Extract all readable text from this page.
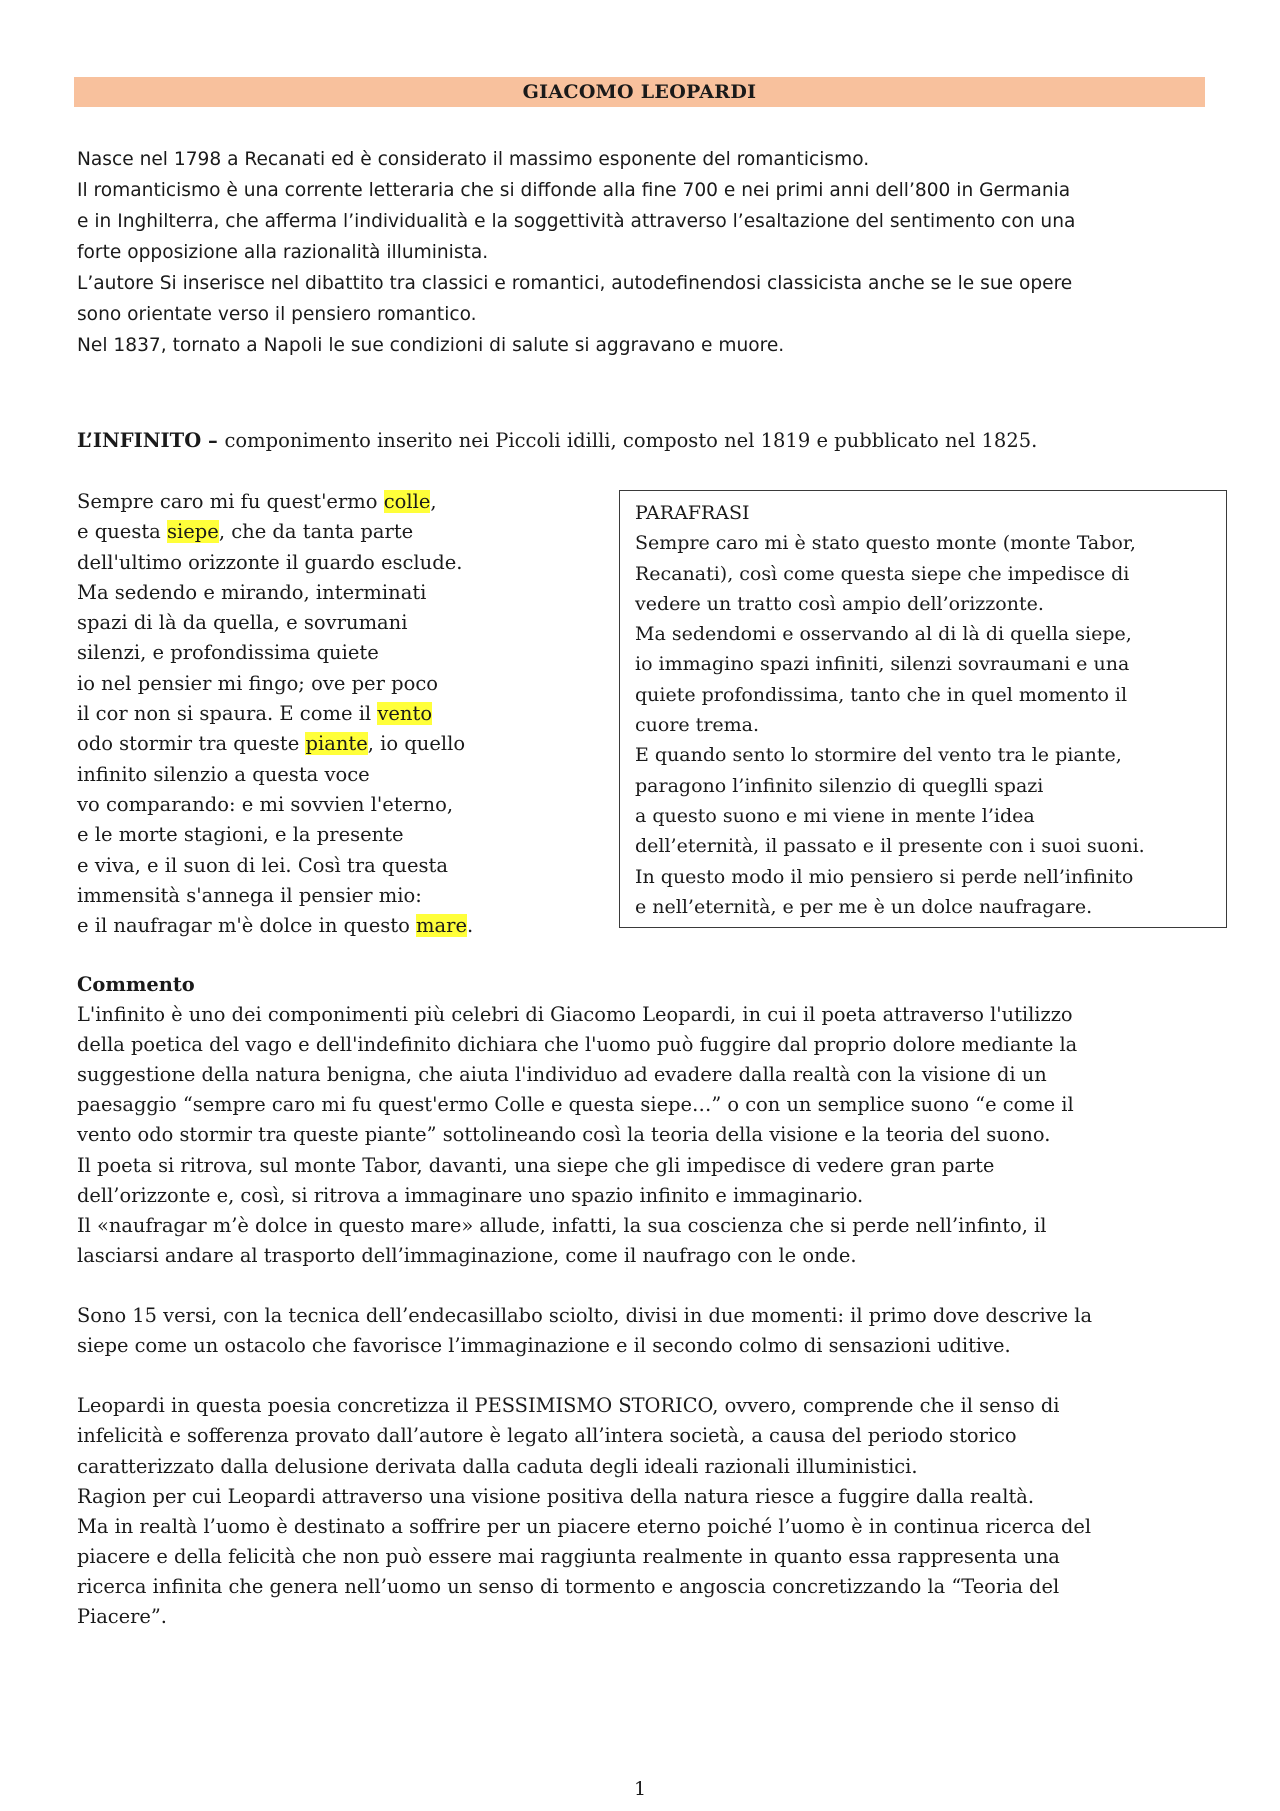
GIACOMO LEOPARDI

Nasce nel 1798 a Recanati ed è considerato il massimo esponente del romanticismo.

Il romanticismo è una corrente letteraria che si diffonde alla fine 700 e nei primi anni dell’800 in Germania

e in Inghilterra, che afferma l’individualità e la soggettività attraverso l’esaltazione del sentimento con una

forte opposizione alla razionalità illuminista.

L’autore Si inserisce nel dibattito tra classici e romantici, autodefinendosi classicista anche se le sue opere

sono orientate verso il pensiero romantico.

Nel 1837, tornato a Napoli le sue condizioni di salute si aggravano e muore.

L’INFINITO – componimento inserito nei Piccoli idilli, composto nel 1819 e pubblicato nel 1825.
Sempre caro mi fu quest'ermo colle,
e questa siepe, che da tanta parte
dell'ultimo orizzonte il guardo esclude.
Ma sedendo e mirando, interminati
spazi di là da quella, e sovrumani
silenzi, e profondissima quiete
io nel pensier mi fingo; ove per poco
il cor non si spaura. E come il vento
odo stormir tra queste piante, io quello
infinito silenzio a questa voce
vo comparando: e mi sovvien l'eterno,
e le morte stagioni, e la presente
e viva, e il suon di lei. Così tra questa
immensità s'annega il pensier mio:
e il naufragar m'è dolce in questo mare.
PARAFRASI
Sempre caro mi è stato questo monte (monte Tabor,
Recanati), così come questa siepe che impedisce di
vedere un tratto così ampio dell’orizzonte.
Ma sedendomi e osservando al di là di quella siepe,
io immagino spazi infiniti, silenzi sovraumani e una
quiete profondissima, tanto che in quel momento il
cuore trema.
E quando sento lo stormire del vento tra le piante,
paragono l’infinito silenzio di queglli spazi
a questo suono e mi viene in mente l’idea
dell’eternità, il passato e il presente con i suoi suoni.
In questo modo il mio pensiero si perde nell’infinito
e nell’eternità, e per me è un dolce naufragare.
Commento
L'infinito è uno dei componimenti più celebri di Giacomo Leopardi, in cui il poeta attraverso l'utilizzo
della poetica del vago e dell'indefinito dichiara che l'uomo può fuggire dal proprio dolore mediante la
suggestione della natura benigna, che aiuta l'individuo ad evadere dalla realtà con la visione di un
paesaggio “sempre caro mi fu quest'ermo Colle e questa siepe…” o con un semplice suono “e come il
vento odo stormir tra queste piante” sottolineando così la teoria della visione e la teoria del suono.
Il poeta si ritrova, sul monte Tabor, davanti, una siepe che gli impedisce di vedere gran parte
dell’orizzonte e, così, si ritrova a immaginare uno spazio infinito e immaginario.
Il «naufragar m’è dolce in questo mare» allude, infatti, la sua coscienza che si perde nell’infinto, il
lasciarsi andare al trasporto dell’immaginazione, come il naufrago con le onde.
Sono 15 versi, con la tecnica dell’endecasillabo sciolto, divisi in due momenti: il primo dove descrive la
siepe come un ostacolo che favorisce l’immaginazione e il secondo colmo di sensazioni uditive.
Leopardi in questa poesia concretizza il PESSIMISMO STORICO, ovvero, comprende che il senso di
infelicità e sofferenza provato dall’autore è legato all’intera società, a causa del periodo storico
caratterizzato dalla delusione derivata dalla caduta degli ideali razionali illuministici.
Ragion per cui Leopardi attraverso una visione positiva della natura riesce a fuggire dalla realtà.
Ma in realtà l’uomo è destinato a soffrire per un piacere eterno poiché l’uomo è in continua ricerca del
piacere e della felicità che non può essere mai raggiunta realmente in quanto essa rappresenta una
ricerca infinita che genera nell’uomo un senso di tormento e angoscia concretizzando la “Teoria del
Piacere”.
1
